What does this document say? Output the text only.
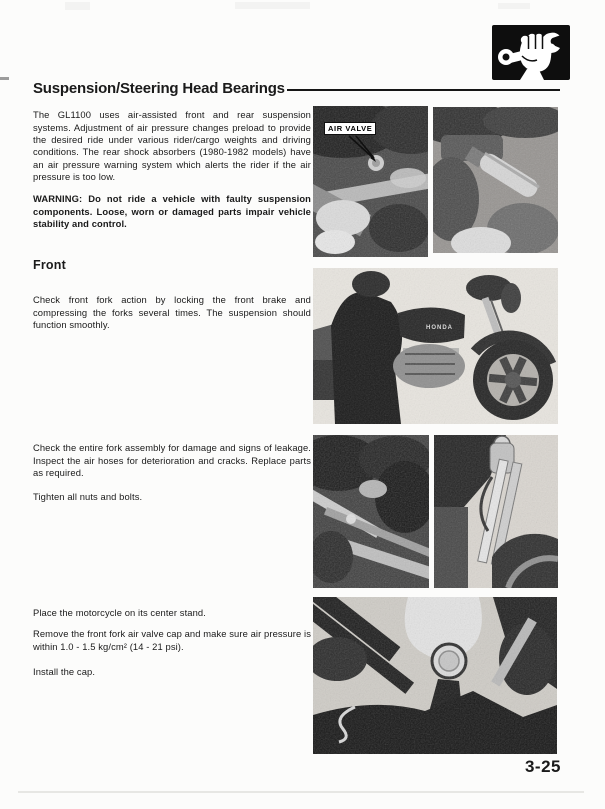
Suspension/Steering Head Bearings

The GL1100 uses air-assisted front and rear suspension systems. Adjustment of air pressure changes preload to provide the desired ride under various rider/cargo weights and driving conditions. The rear shock absorbers (1980-1982 models) have an air pressure warning system which alerts the rider if the air pressure is too low.

WARNING: Do not ride a vehicle with faulty suspension components. Loose, worn or damaged parts impair vehicle stability and control.

Front

Check front fork action by locking the front brake and compressing the forks several times. The suspension should function smoothly.

Check the entire fork assembly for damage and signs of leakage. Inspect the air hoses for deterioration and cracks. Replace parts as required.

Tighten all nuts and bolts.

Place the motorcycle on its center stand.

Remove the front fork air valve cap and make sure air pressure is within 1.0 - 1.5 kg/cm² (14 - 21 psi).

Install the cap.

AIR VALVE
HONDA
3-25
